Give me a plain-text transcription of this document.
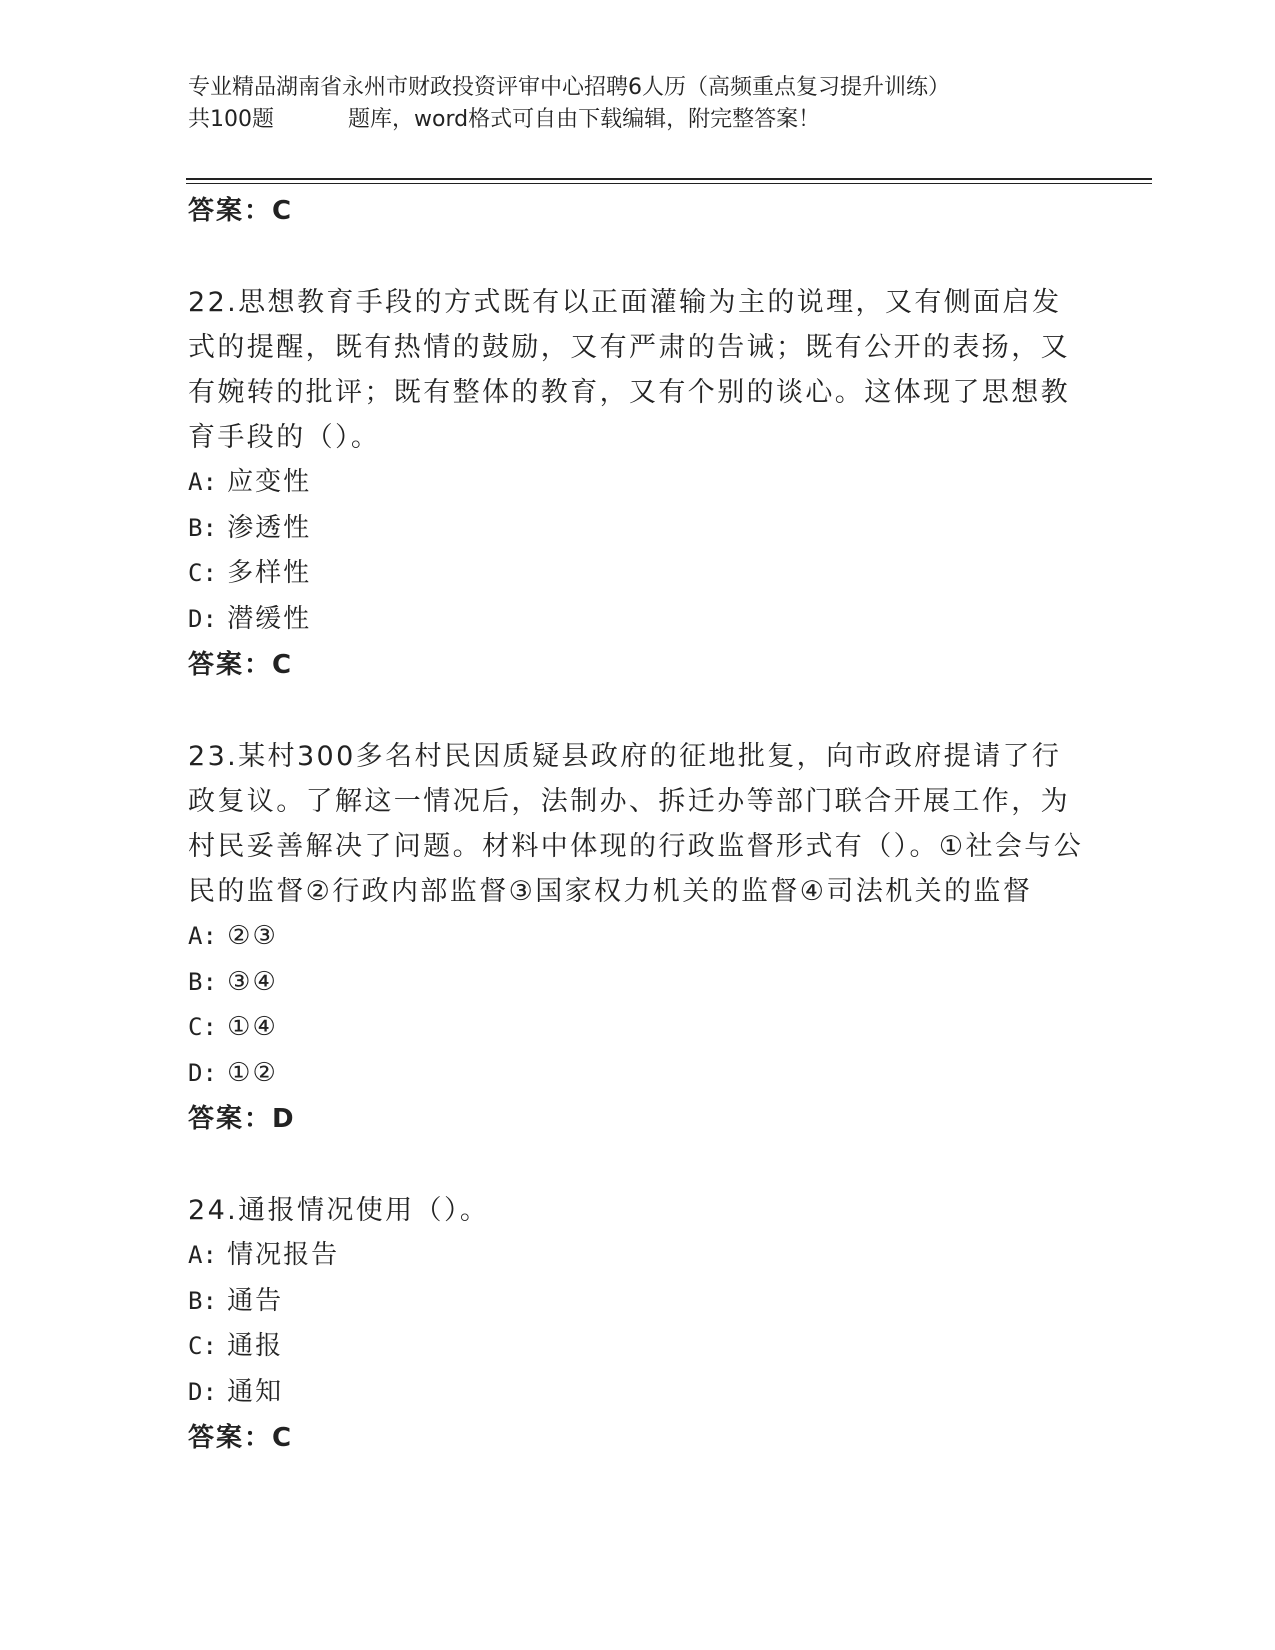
专业精品湖南省永州市财政投资评审中心招聘6人历（高频重点复习提升训练）
共100题	题库，word格式可自由下载编辑，附完整答案！

答案：C

22.思想教育手段的方式既有以正面灌输为主的说理，又有侧面启发式的提醒，既有热情的鼓励，又有严肃的告诫；既有公开的表扬，又有婉转的批评；既有整体的教育，又有个别的谈心。这体现了思想教育手段的（）。

A: 应变性

B: 渗透性

C: 多样性

D: 潜缓性

答案：C

23.某村300多名村民因质疑县政府的征地批复，向市政府提请了行政复议。了解这一情况后，法制办、拆迁办等部门联合开展工作，为村民妥善解决了问题。材料中体现的行政监督形式有（）。①社会与公民的监督②行政内部监督③国家权力机关的监督④司法机关的监督

A: ②③

B: ③④

C: ①④

D: ①②

答案：D

24.通报情况使用（）。

A: 情况报告

B: 通告

C: 通报

D: 通知

答案：C
